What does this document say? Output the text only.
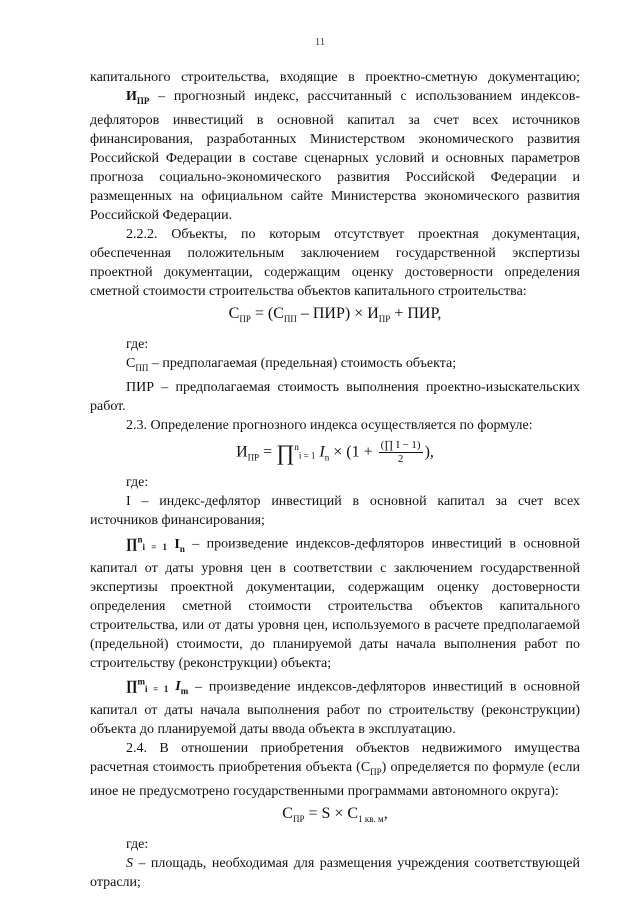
11

капитального строительства, входящие в проектно-сметную документацию;

$И_{ПР}$ – прогнозный индекс, рассчитанный с использованием индексов-дефляторов инвестиций в основной капитал за счет всех источников финансирования, разработанных Министерством экономического развития Российской Федерации в составе сценарных условий и основных параметров прогноза социально-экономического развития Российской Федерации и размещенных на официальном сайте Министерства экономического развития Российской Федерации.

2.2.2. Объекты, по которым отсутствует проектная документация, обеспеченная положительным заключением государственной экспертизы проектной документации, содержащим оценку достоверности определения сметной стоимости строительства объектов капитального строительства:

$С_{ПР} = (С_{ПП} - ПИР) \times И_{ПР}$ + ПИР,
где:

$С_{ПП}$ – предполагаемая (предельная) стоимость объекта;

ПИР – предполагаемая стоимость выполнения проектно-изыскательских работ.

2.3. Определение прогнозного индекса осуществляется по формуле:

$И_{ПР}$ = ∏$^n$i = 1 $I_n \times (1 + \frac{(\prod I - 1)}{2}$ ),
где:

I – индекс-дефлятор инвестиций в основной капитал за счет всех источников финансирования;

∏$^n$i = 1 $I_n$ – произведение индексов-дефляторов инвестиций в основной капитал от даты уровня цен в соответствии с заключением государственной экспертизы проектной документации, содержащим оценку достоверности определения сметной стоимости строительства объектов капитального строительства, или от даты уровня цен, используемого в расчете предполагаемой (предельной) стоимости, до планируемой даты начала выполнения работ по строительству (реконструкции) объекта;

∏$^m$i = 1 $I_m$ – произведение индексов-дефляторов инвестиций в основной капитал от даты начала выполнения работ по строительству (реконструкции) объекта до планируемой даты ввода объекта в эксплуатацию.

2.4. В отношении приобретения объектов недвижимого имущества расчетная стоимость приобретения объекта $(С_{ПР})$ определяется по формуле (если иное не предусмотрено государственными программами автономного округа):

$С_{ПР} = S \times С_{1 кв. м}$,
где:

S – площадь, необходимая для размещения учреждения соответствующей отрасли;
